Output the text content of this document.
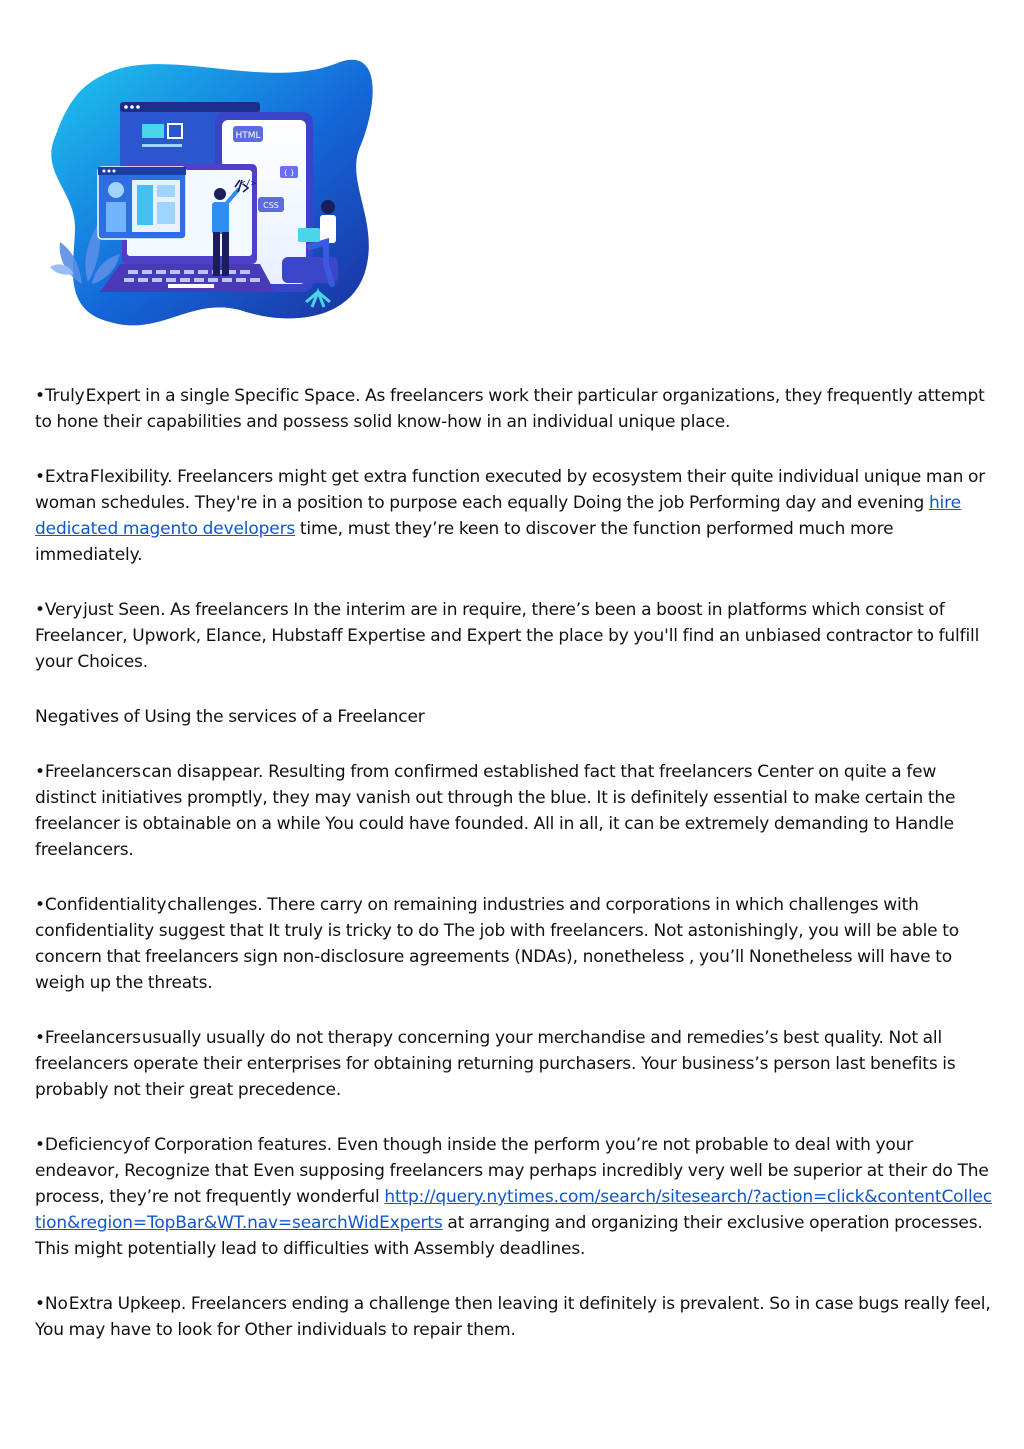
HTML
{ }
CSS
</>

•TrulyExpert in a single Specific Space. As freelancers work their particular organizations, they frequently attempt to hone their capabilities and possess solid know-how in an individual unique place.

•ExtraFlexibility. Freelancers might get extra function executed by ecosystem their quite individual unique man or woman schedules. They're in a position to purpose each equally Doing the job Performing day and evening hire dedicated magento developers time, must they’re keen to discover the function performed much more immediately.

•Veryjust Seen. As freelancers In the interim are in require, there’s been a boost in platforms which consist of Freelancer, Upwork, Elance, Hubstaff Expertise and Expert the place by you'll find an unbiased contractor to fulfill your Choices.

Negatives of Using the services of a Freelancer

•Freelancerscan disappear. Resulting from confirmed established fact that freelancers Center on quite a few distinct initiatives promptly, they may vanish out through the blue. It is definitely essential to make certain the freelancer is obtainable on a while You could have founded. All in all, it can be extremely demanding to Handle freelancers.

•Confidentialitychallenges. There carry on remaining industries and corporations in which challenges with confidentiality suggest that It truly is tricky to do The job with freelancers. Not astonishingly, you will be able to concern that freelancers sign non-disclosure agreements (NDAs), nonetheless , you’ll Nonetheless will have to weigh up the threats.

•Freelancersusually usually do not therapy concerning your merchandise and remedies’s best quality. Not all freelancers operate their enterprises for obtaining returning purchasers. Your business’s person last benefits is probably not their great precedence.

•Deficiencyof Corporation features. Even though inside the perform you’re not probable to deal with your endeavor, Recognize that Even supposing freelancers may perhaps incredibly very well be superior at their do The process, they’re not frequently wonderful http://query.nytimes.com/search/sitesearch/?action=click&contentCollection&region=TopBar&WT.nav=searchWidExperts at arranging and organizing their exclusive operation processes. This might potentially lead to difficulties with Assembly deadlines.

•NoExtra Upkeep. Freelancers ending a challenge then leaving it definitely is prevalent. So in case bugs really feel, You may have to look for Other individuals to repair them.
